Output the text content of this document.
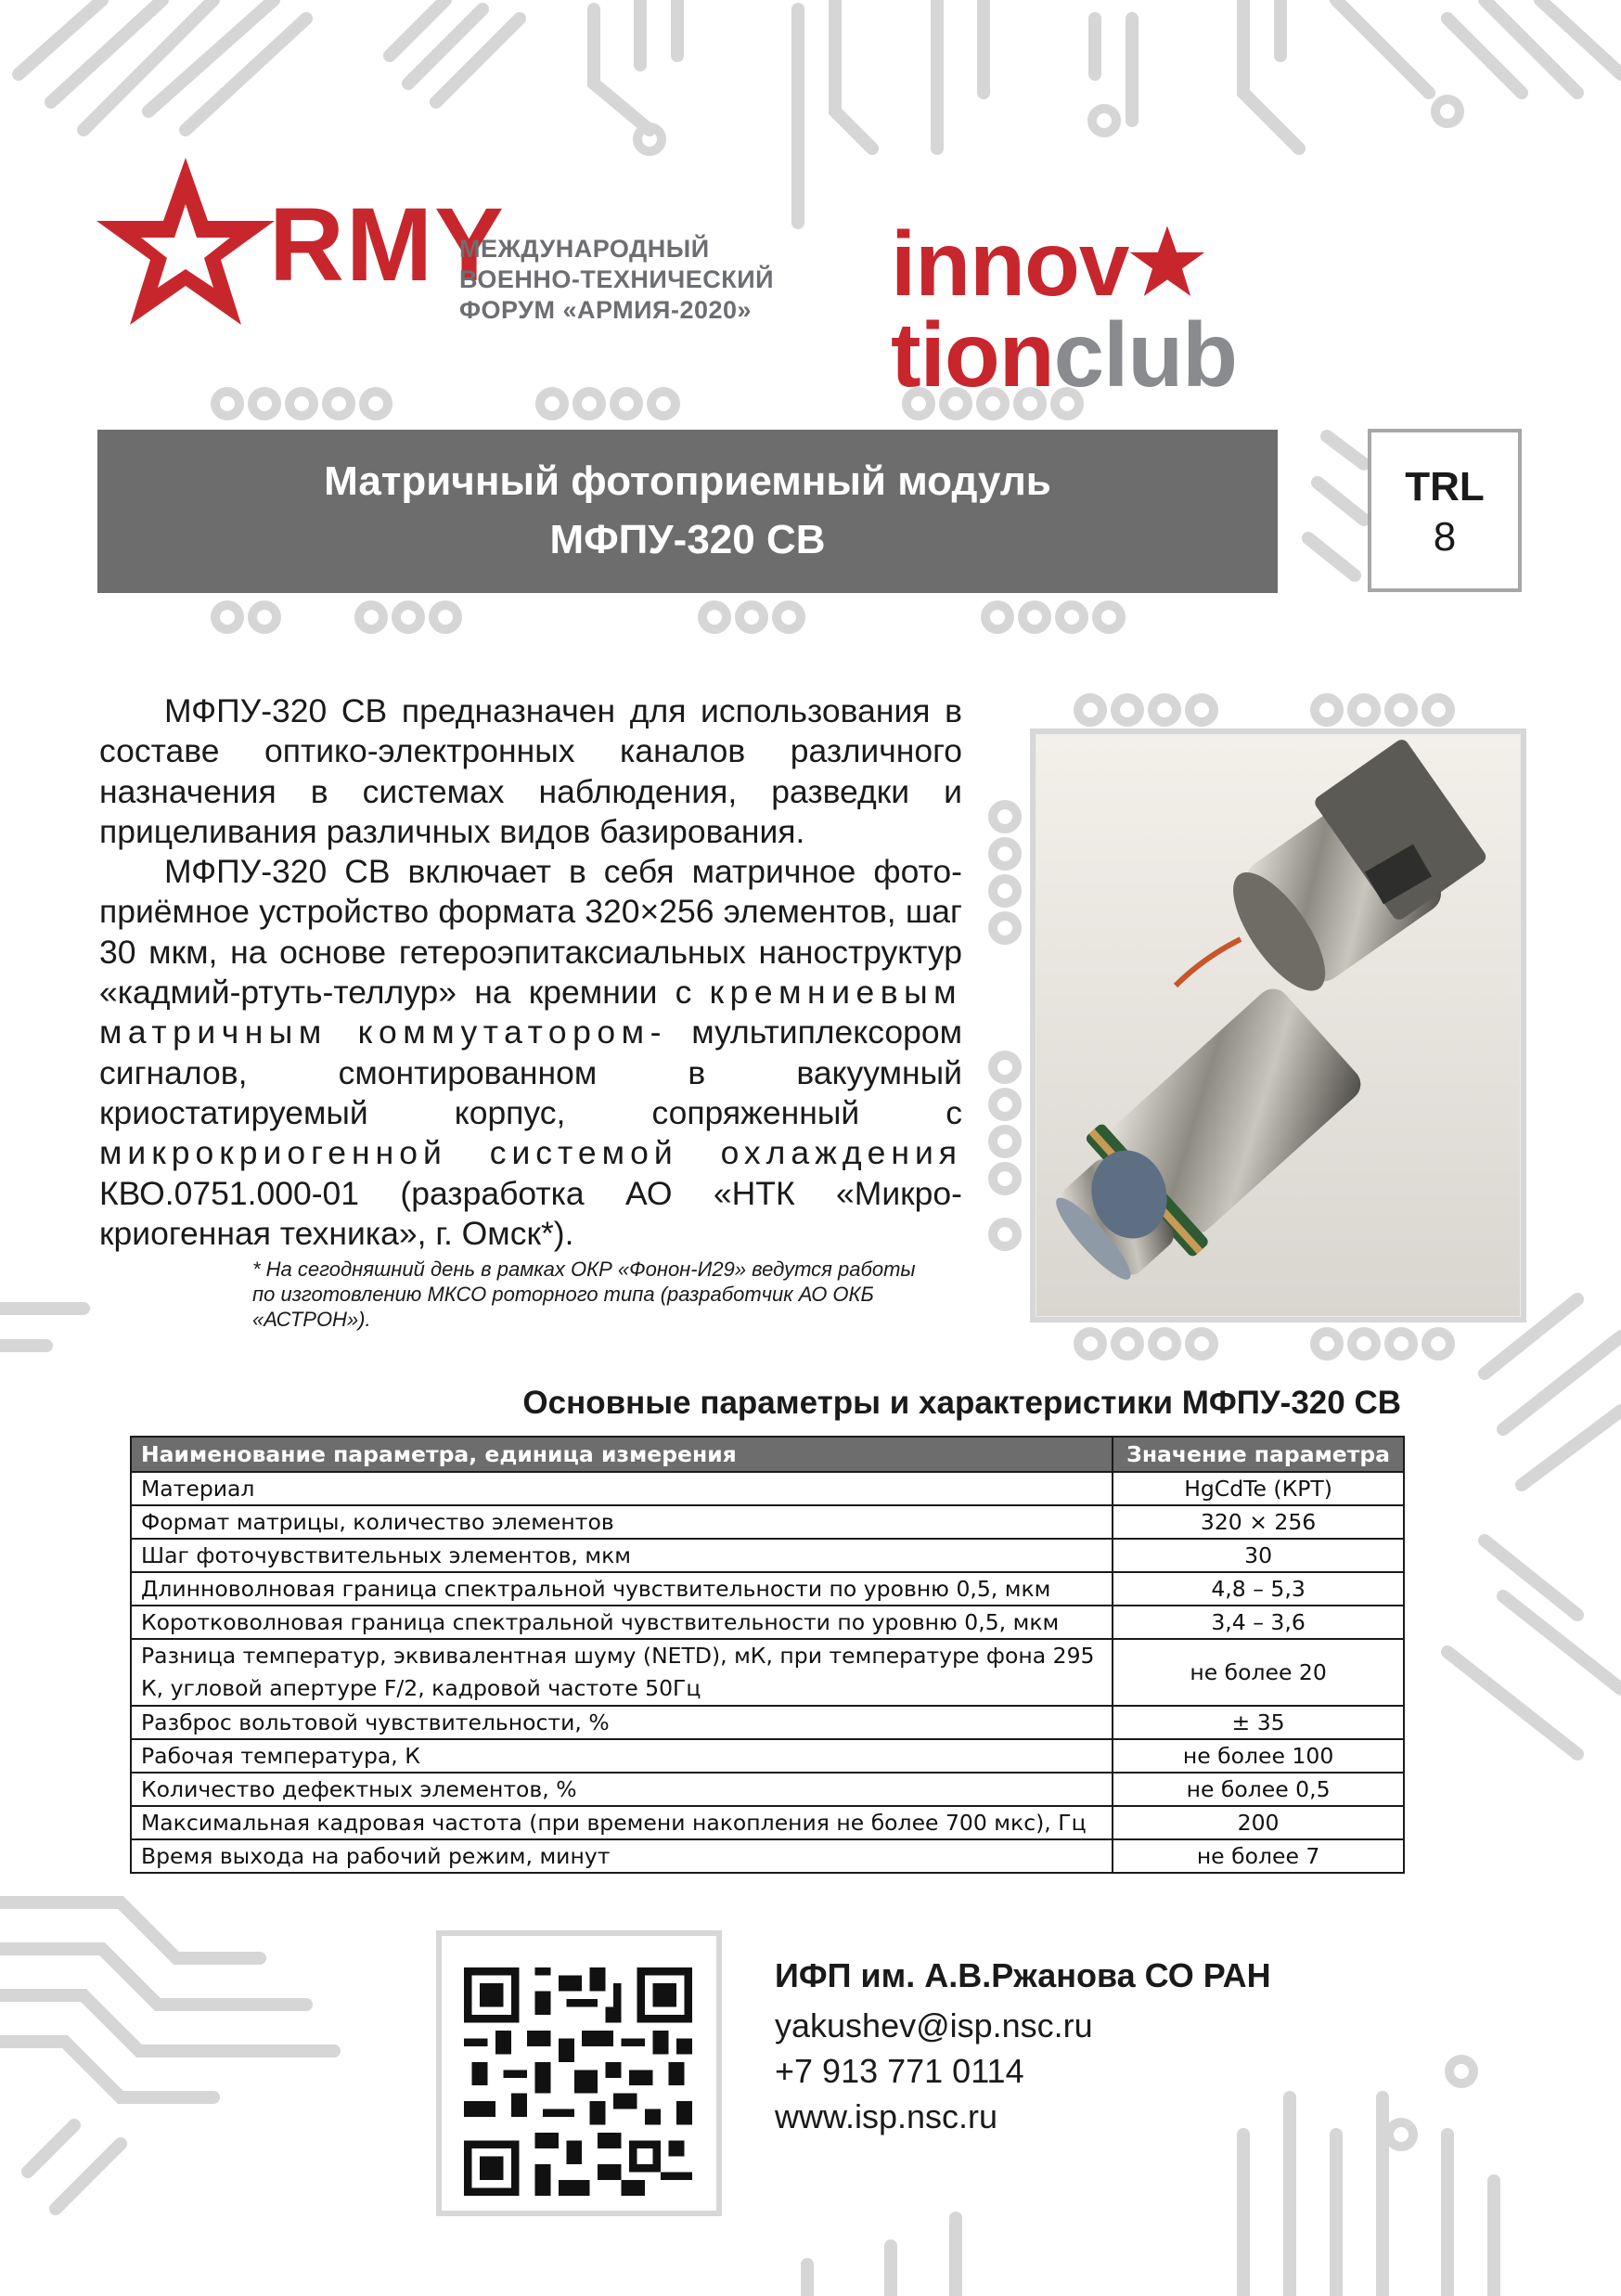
RMY
МЕЖДУНАРОДНЫЙ
ВОЕННО-ТЕХНИЧЕСКИЙ
ФОРУМ «АРМИЯ-2020» innovtionclub
Матричный фотоприемный модуль
МФПУ-320 СВ
TRL
8

МФПУ-320 СВ предназначен для использования в составе оптико-электронных каналов различного назначения в системах наблюдения, разведки и прицеливания различных видов базирования.

МФПУ-320 СВ включает в себя матричное фото-приёмное устройство формата 320×256 элементов, шаг 30 мкм, на основе гетероэпитаксиальных наноструктур «кадмий-ртуть-теллур» на кремнии с кремниевым матричным коммутатором- мультиплексором сигналов, смонтированном в вакуумный криостатируемый корпус, сопряженный с микрокриогенной системой охлаждения КВО.0751.000-01 (разработка АО «НТК «Микро-криогенная техника», г. Омск*).

* На сегодняшний день в рамках ОКР «Фонон-И29» ведутся работы по изготовлению МКСО роторного типа (разработчик АО ОКБ «АСТРОН»).
Основные параметры и характеристики МФПУ-320 СВ
Наименование параметра, единица измерения	Значение параметра
Материал	HgCdTe (КРТ)
Формат матрицы, количество элементов	320 × 256
Шаг фоточувствительных элементов, мкм	30
Длинноволновая граница спектральной чувствительности по уровню 0,5, мкм	4,8 – 5,3
Коротковолновая граница спектральной чувствительности по уровню 0,5, мкм	3,4 – 3,6
Разница температур, эквивалентная шуму (NETD), мК, при температуре фона 295 К, угловой апертуре F/2, кадровой частоте 50Гц	не более 20
Разброс вольтовой чувствительности, %	± 35
Рабочая температура, К	не более 100
Количество дефектных элементов, %	не более 0,5
Максимальная кадровая частота (при времени накопления не более 700 мкс), Гц	200
Время выхода на рабочий режим, минут	не более 7
ИФП им. А.В.Ржанова СО РАН
yakushev@isp.nsc.ru
+7 913 771 0114
www.isp.nsc.ru
